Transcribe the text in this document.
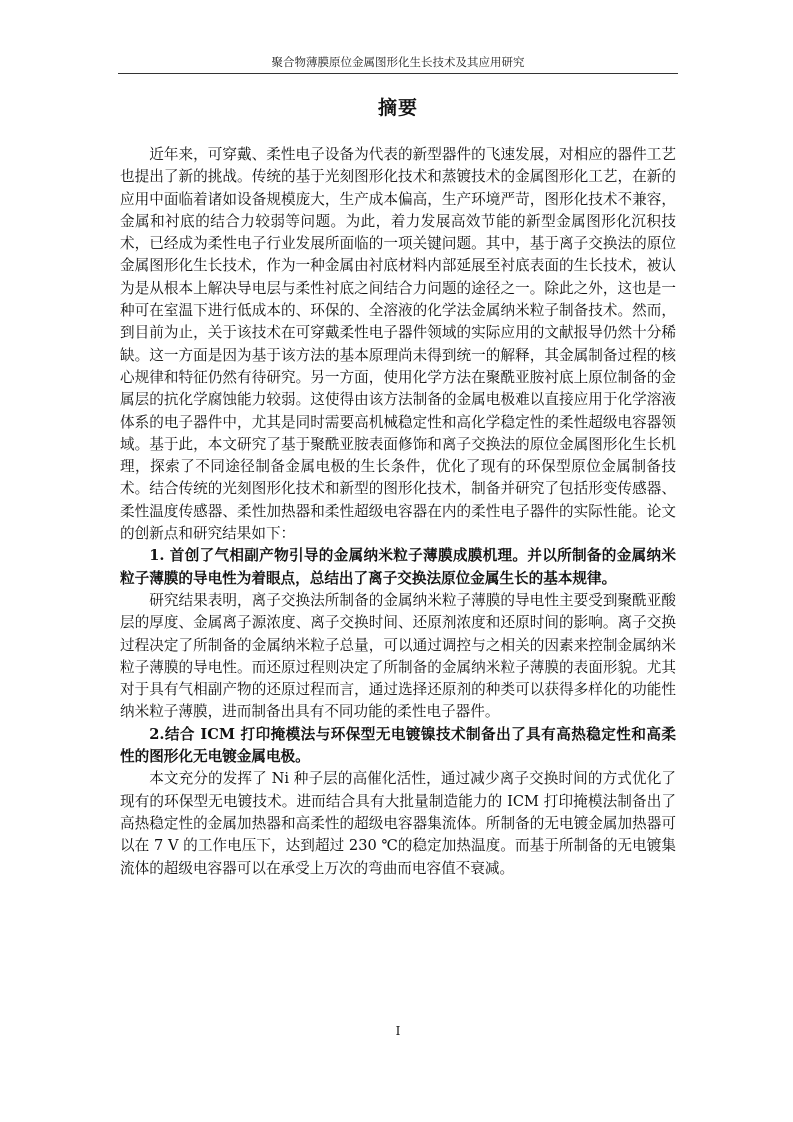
聚合物薄膜原位金属图形化生长技术及其应用研究
摘要

近年来，可穿戴、柔性电子设备为代表的新型器件的飞速发展，对相应的器件工艺也提出了新的挑战。传统的基于光刻图形化技术和蒸镀技术的金属图形化工艺，在新的应用中面临着诸如设备规模庞大，生产成本偏高，生产环境严苛，图形化技术不兼容，金属和衬底的结合力较弱等问题。为此，着力发展高效节能的新型金属图形化沉积技术，已经成为柔性电子行业发展所面临的一项关键问题。其中，基于离子交换法的原位金属图形化生长技术，作为一种金属由衬底材料内部延展至衬底表面的生长技术，被认为是从根本上解决导电层与柔性衬底之间结合力问题的途径之一。除此之外，这也是一种可在室温下进行低成本的、环保的、全溶液的化学法金属纳米粒子制备技术。然而，到目前为止，关于该技术在可穿戴柔性电子器件领域的实际应用的文献报导仍然十分稀缺。这一方面是因为基于该方法的基本原理尚未得到统一的解释，其金属制备过程的核心规律和特征仍然有待研究。另一方面，使用化学方法在聚酰亚胺衬底上原位制备的金属层的抗化学腐蚀能力较弱。这使得由该方法制备的金属电极难以直接应用于化学溶液体系的电子器件中，尤其是同时需要高机械稳定性和高化学稳定性的柔性超级电容器领域。基于此，本文研究了基于聚酰亚胺表面修饰和离子交换法的原位金属图形化生长机理，探索了不同途径制备金属电极的生长条件，优化了现有的环保型原位金属制备技术。结合传统的光刻图形化技术和新型的图形化技术，制备并研究了包括形变传感器、柔性温度传感器、柔性加热器和柔性超级电容器在内的柔性电子器件的实际性能。论文的创新点和研究结果如下：

1. 首创了气相副产物引导的金属纳米粒子薄膜成膜机理。并以所制备的金属纳米粒子薄膜的导电性为着眼点，总结出了离子交换法原位金属生长的基本规律。

研究结果表明，离子交换法所制备的金属纳米粒子薄膜的导电性主要受到聚酰亚酸层的厚度、金属离子源浓度、离子交换时间、还原剂浓度和还原时间的影响。离子交换过程决定了所制备的金属纳米粒子总量，可以通过调控与之相关的因素来控制金属纳米粒子薄膜的导电性。而还原过程则决定了所制备的金属纳米粒子薄膜的表面形貌。尤其对于具有气相副产物的还原过程而言，通过选择还原剂的种类可以获得多样化的功能性纳米粒子薄膜，进而制备出具有不同功能的柔性电子器件。

2.结合 ICM 打印掩模法与环保型无电镀镍技术制备出了具有高热稳定性和高柔性的图形化无电镀金属电极。

本文充分的发挥了 Ni 种子层的高催化活性，通过减少离子交换时间的方式优化了现有的环保型无电镀技术。进而结合具有大批量制造能力的 ICM 打印掩模法制备出了高热稳定性的金属加热器和高柔性的超级电容器集流体。所制备的无电镀金属加热器可以在 7 V 的工作电压下，达到超过 230 ℃的稳定加热温度。而基于所制备的无电镀集流体的超级电容器可以在承受上万次的弯曲而电容值不衰减。

I
